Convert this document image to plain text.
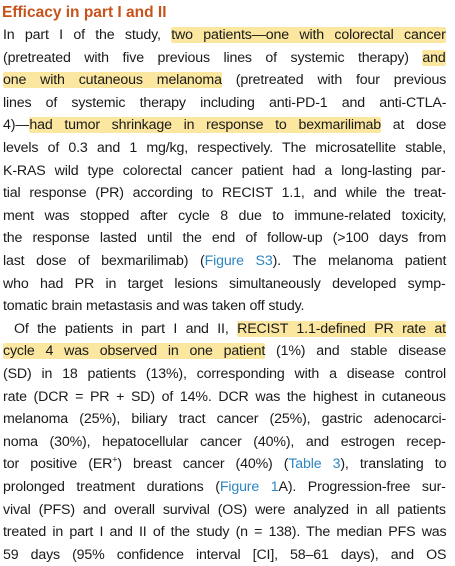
Efficacy in part I and II

In part I of the study, two patients—one with colorectal cancer

(pretreated with five previous lines of systemic therapy) and

one with cutaneous melanoma (pretreated with four previous

lines of systemic therapy including anti-PD-1 and anti-CTLA-

4)—had tumor shrinkage in response to bexmarilimab at dose

levels of 0.3 and 1 mg/kg, respectively. The microsatellite stable,

K-RAS wild type colorectal cancer patient had a long-lasting par-

tial response (PR) according to RECIST 1.1, and while the treat-

ment was stopped after cycle 8 due to immune-related toxicity,

the response lasted until the end of follow-up (>100 days from

last dose of bexmarilimab) (Figure S3). The melanoma patient

who had PR in target lesions simultaneously developed symp-

tomatic brain metastasis and was taken off study.

Of the patients in part I and II, RECIST 1.1-defined PR rate at

cycle 4 was observed in one patient (1%) and stable disease

(SD) in 18 patients (13%), corresponding with a disease control

rate (DCR = PR + SD) of 14%. DCR was the highest in cutaneous

melanoma (25%), biliary tract cancer (25%), gastric adenocarci-

noma (30%), hepatocellular cancer (40%), and estrogen recep-

tor positive (ER+) breast cancer (40%) (Table 3), translating to

prolonged treatment durations (Figure 1A). Progression-free sur-

vival (PFS) and overall survival (OS) were analyzed in all patients

treated in part I and II of the study (n = 138). The median PFS was

59 days (95% confidence interval [CI], 58–61 days), and OS
